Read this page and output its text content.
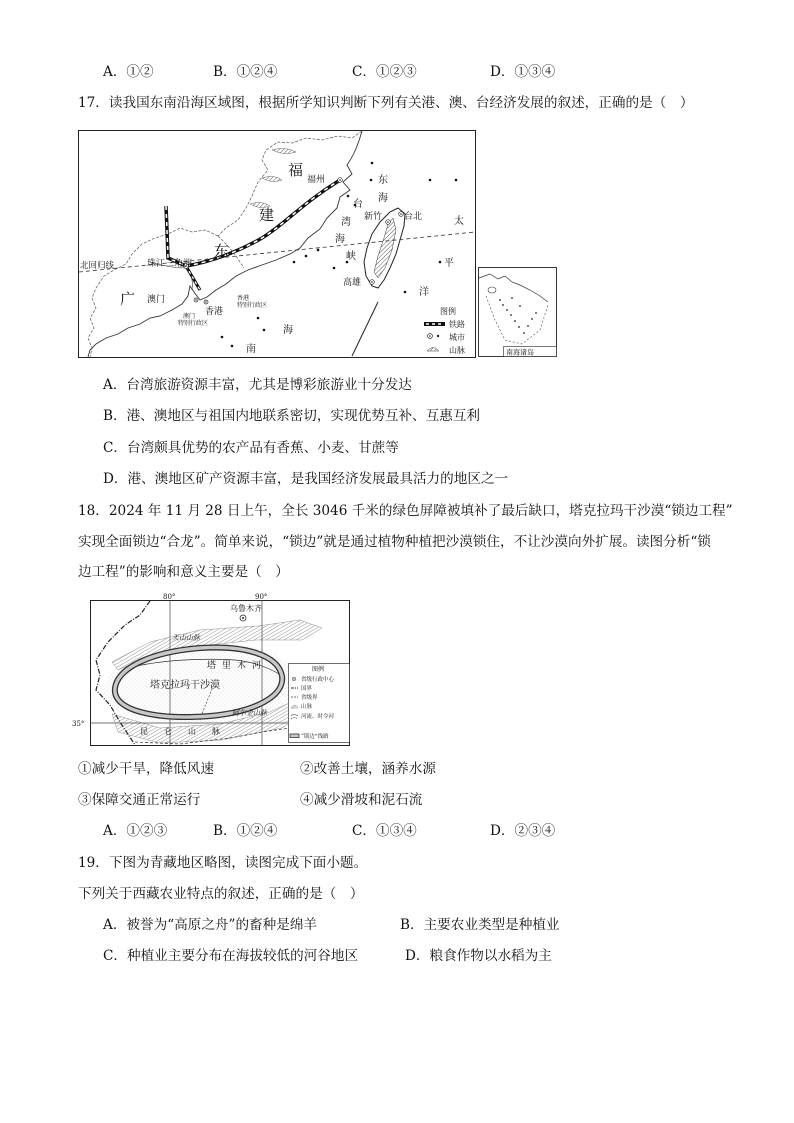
A．①②	B．①②④	C．①②③	D．①③④
17．读我国东南沿海区域图，根据所学知识判断下列有关港、澳、台经济发展的叙述，正确的是（　）
福
建
东
广
福州	东
海
台
湾
海
峡
新竹 台北
高雄
太
平
洋
珠江三角洲
北回归线
澳门
香港
香港
特别行政区
澳门
特别行政区
海
南
图例
铁路
城市
山脉	南海诸岛
A．台湾旅游资源丰富，尤其是博彩旅游业十分发达
B．港、澳地区与祖国内地联系密切，实现优势互补、互惠互利
C．台湾颇具优势的农产品有香蕉、小麦、甘蔗等
D．港、澳地区矿产资源丰富，是我国经济发展最具活力的地区之一
18．2024 年 11 月 28 日上午，全长 3046 千米的绿色屏障被填补了最后缺口，塔克拉玛干沙漠“锁边工程”
实现全面锁边“合龙”。简单来说，“锁边”就是通过植物种植把沙漠锁住，不让沙漠向外扩展。读图分析“锁
边工程”的影响和意义主要是（　）
80°	90°
35°
乌鲁木齐
天山山脉
塔里木河
塔克拉玛干沙漠
阿尔金山脉
昆仑山脉
图例
省级行政中心
国界
省级界
山脉
河流、时令河
“锁边”线路
①减少干旱，降低风速	②改善土壤，涵养水源
③保障交通正常运行	④减少滑坡和泥石流
A．①②③	B．①②④	C．①③④	D．②③④
19．下图为青藏地区略图，读图完成下面小题。
下列关于西藏农业特点的叙述，正确的是（　）
A．被誉为“高原之舟”的畜种是绵羊	B．主要农业类型是种植业
C．种植业主要分布在海拔较低的河谷地区	D．粮食作物以水稻为主
